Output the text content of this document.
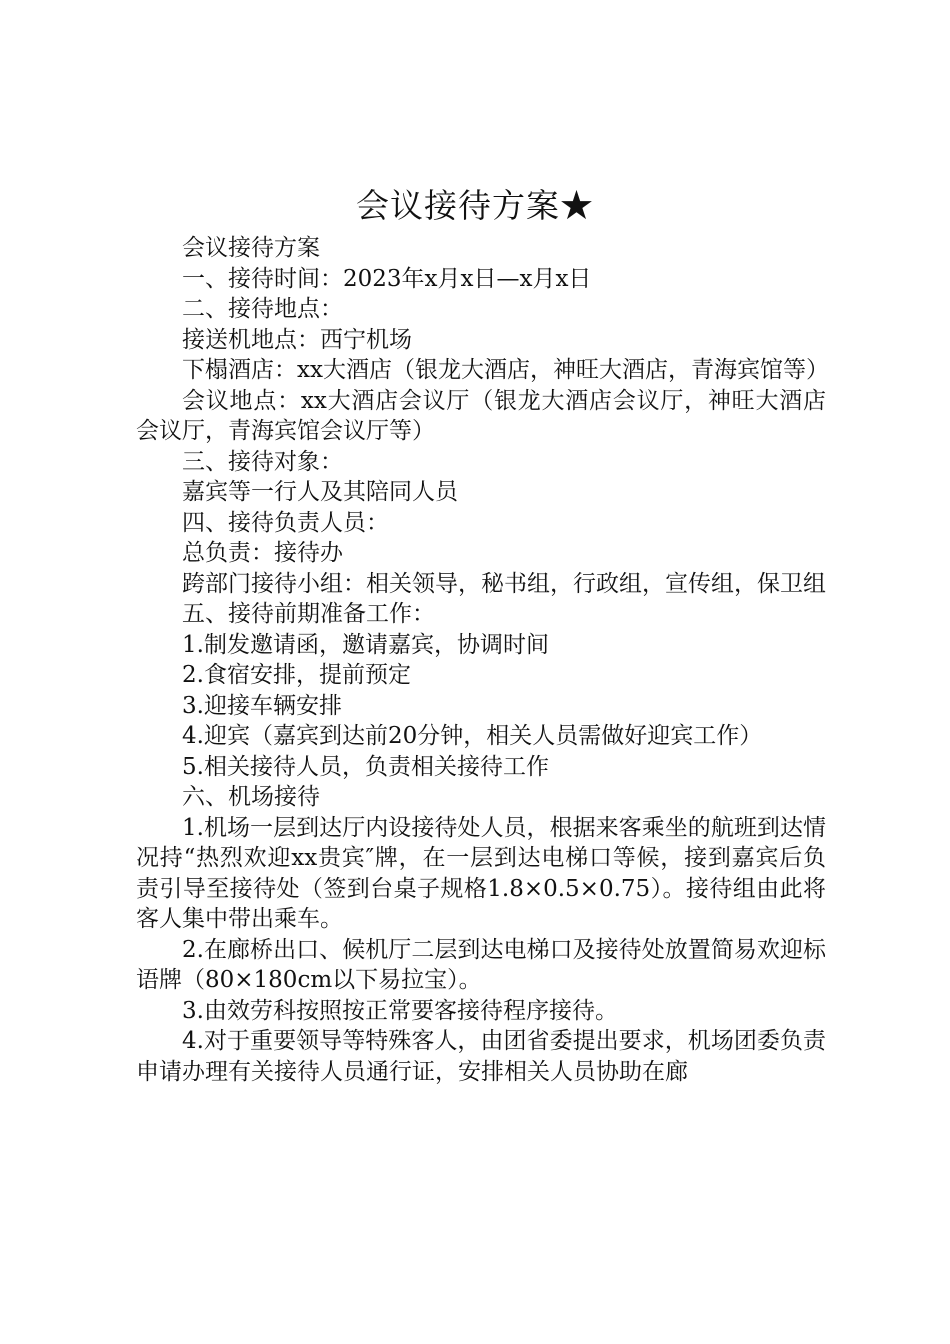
会议接待方案★

会议接待方案

一、接待时间：2023年x月x日—x月x日

二、接待地点：

接送机地点：西宁机场

下榻酒店：xx大酒店（银龙大酒店，神旺大酒店，青海宾馆等）

会议地点：xx大酒店会议厅（银龙大酒店会议厅，神旺大酒店会议厅，青海宾馆会议厅等）

三、接待对象：

嘉宾等一行人及其陪同人员

四、接待负责人员：

总负责：接待办

跨部门接待小组：相关领导，秘书组，行政组，宣传组，保卫组

五、接待前期准备工作：

1.制发邀请函，邀请嘉宾，协调时间

2.食宿安排，提前预定

3.迎接车辆安排

4.迎宾（嘉宾到达前20分钟，相关人员需做好迎宾工作）

5.相关接待人员，负责相关接待工作

六、机场接待

1.机场一层到达厅内设接待处人员，根据来客乘坐的航班到达情况持“热烈欢迎xx贵宾″牌，在一层到达电梯口等候，接到嘉宾后负责引导至接待处（签到台桌子规格1.8×0.5×0.75）。接待组由此将客人集中带出乘车。

2.在廊桥出口、候机厅二层到达电梯口及接待处放置简易欢迎标语牌（80×180cm以下易拉宝）。

3.由效劳科按照按正常要客接待程序接待。

4.对于重要领导等特殊客人，由团省委提出要求，机场团委负责申请办理有关接待人员通行证，安排相关人员协助在廊
